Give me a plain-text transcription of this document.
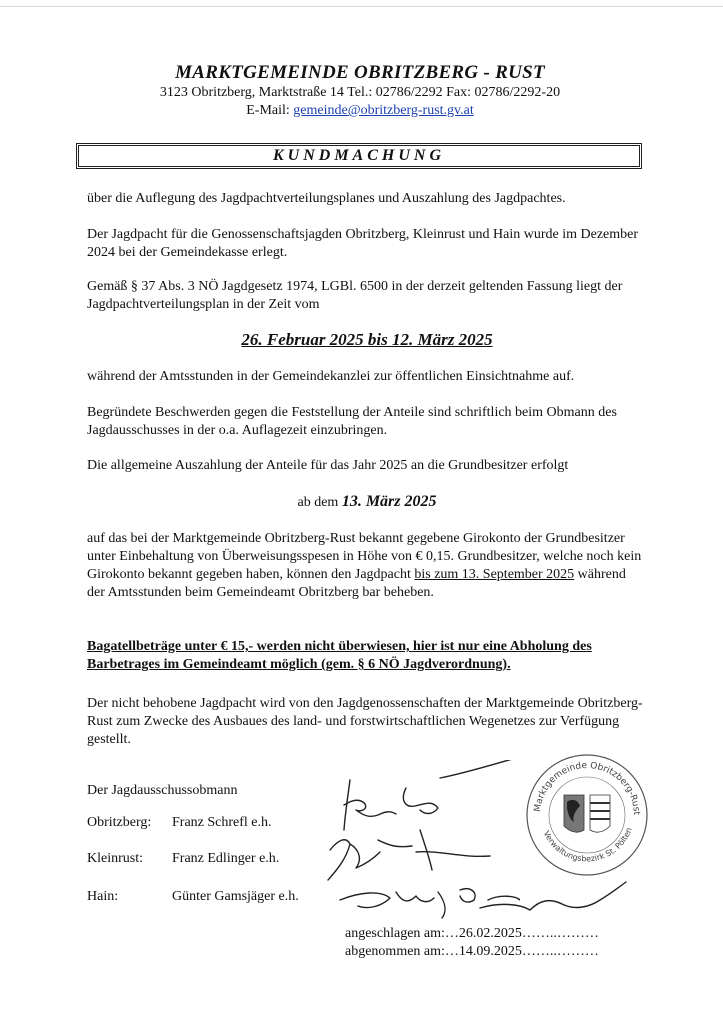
MARKTGEMEINDE OBRITZBERG - RUST
3123 Obritzberg, Marktstraße 14 Tel.: 02786/2292 Fax: 02786/2292-20
E-Mail: gemeinde@obritzberg-rust.gv.at
KUNDMACHUNG
über die Auflegung des Jagdpachtverteilungsplanes und Auszahlung des Jagdpachtes.
Der Jagdpacht für die Genossenschaftsjagden Obritzberg, Kleinrust und Hain wurde im Dezember 2024 bei der Gemeindekasse erlegt.
Gemäß § 37 Abs. 3 NÖ Jagdgesetz 1974, LGBl. 6500 in der derzeit geltenden Fassung liegt der Jagdpachtverteilungsplan in der Zeit vom
26. Februar 2025 bis 12. März 2025
während der Amtsstunden in der Gemeindekanzlei zur öffentlichen Einsichtnahme auf.
Begründete Beschwerden gegen die Feststellung der Anteile sind schriftlich beim Obmann des Jagdausschusses in der o.a. Auflagezeit einzubringen.
Die allgemeine Auszahlung der Anteile für das Jahr 2025 an die Grundbesitzer erfolgt
ab dem 13. März 2025
auf das bei der Marktgemeinde Obritzberg-Rust bekannt gegebene Girokonto der Grundbesitzer unter Einbehaltung von Überweisungsspesen in Höhe von € 0,15. Grundbesitzer, welche noch kein Girokonto bekannt gegeben haben, können den Jagdpacht bis zum 13. September 2025 während der Amtsstunden beim Gemeindeamt Obritzberg bar beheben.
Bagatellbeträge unter € 15,- werden nicht überwiesen, hier ist nur eine Abholung des Barbetrages im Gemeindeamt möglich (gem. § 6 NÖ Jagdverordnung).
Der nicht behobene Jagdpacht wird von den Jagdgenossenschaften der Marktgemeinde Obritzberg-Rust zum Zwecke des Ausbaues des land- und forstwirtschaftlichen Wegenetzes zur Verfügung gestellt.
Der Jagdausschussobmann
Obritzberg: Franz Schrefl e.h.
Kleinrust: Franz Edlinger e.h.
Hain:	Günter Gamsjäger e.h.
Marktgemeinde Obritzberg-Rust
Verwaltungsbezirk St. Pölten
angeschlagen am:…26.02.2025……..………
abgenommen am:…14.09.2025……..………
